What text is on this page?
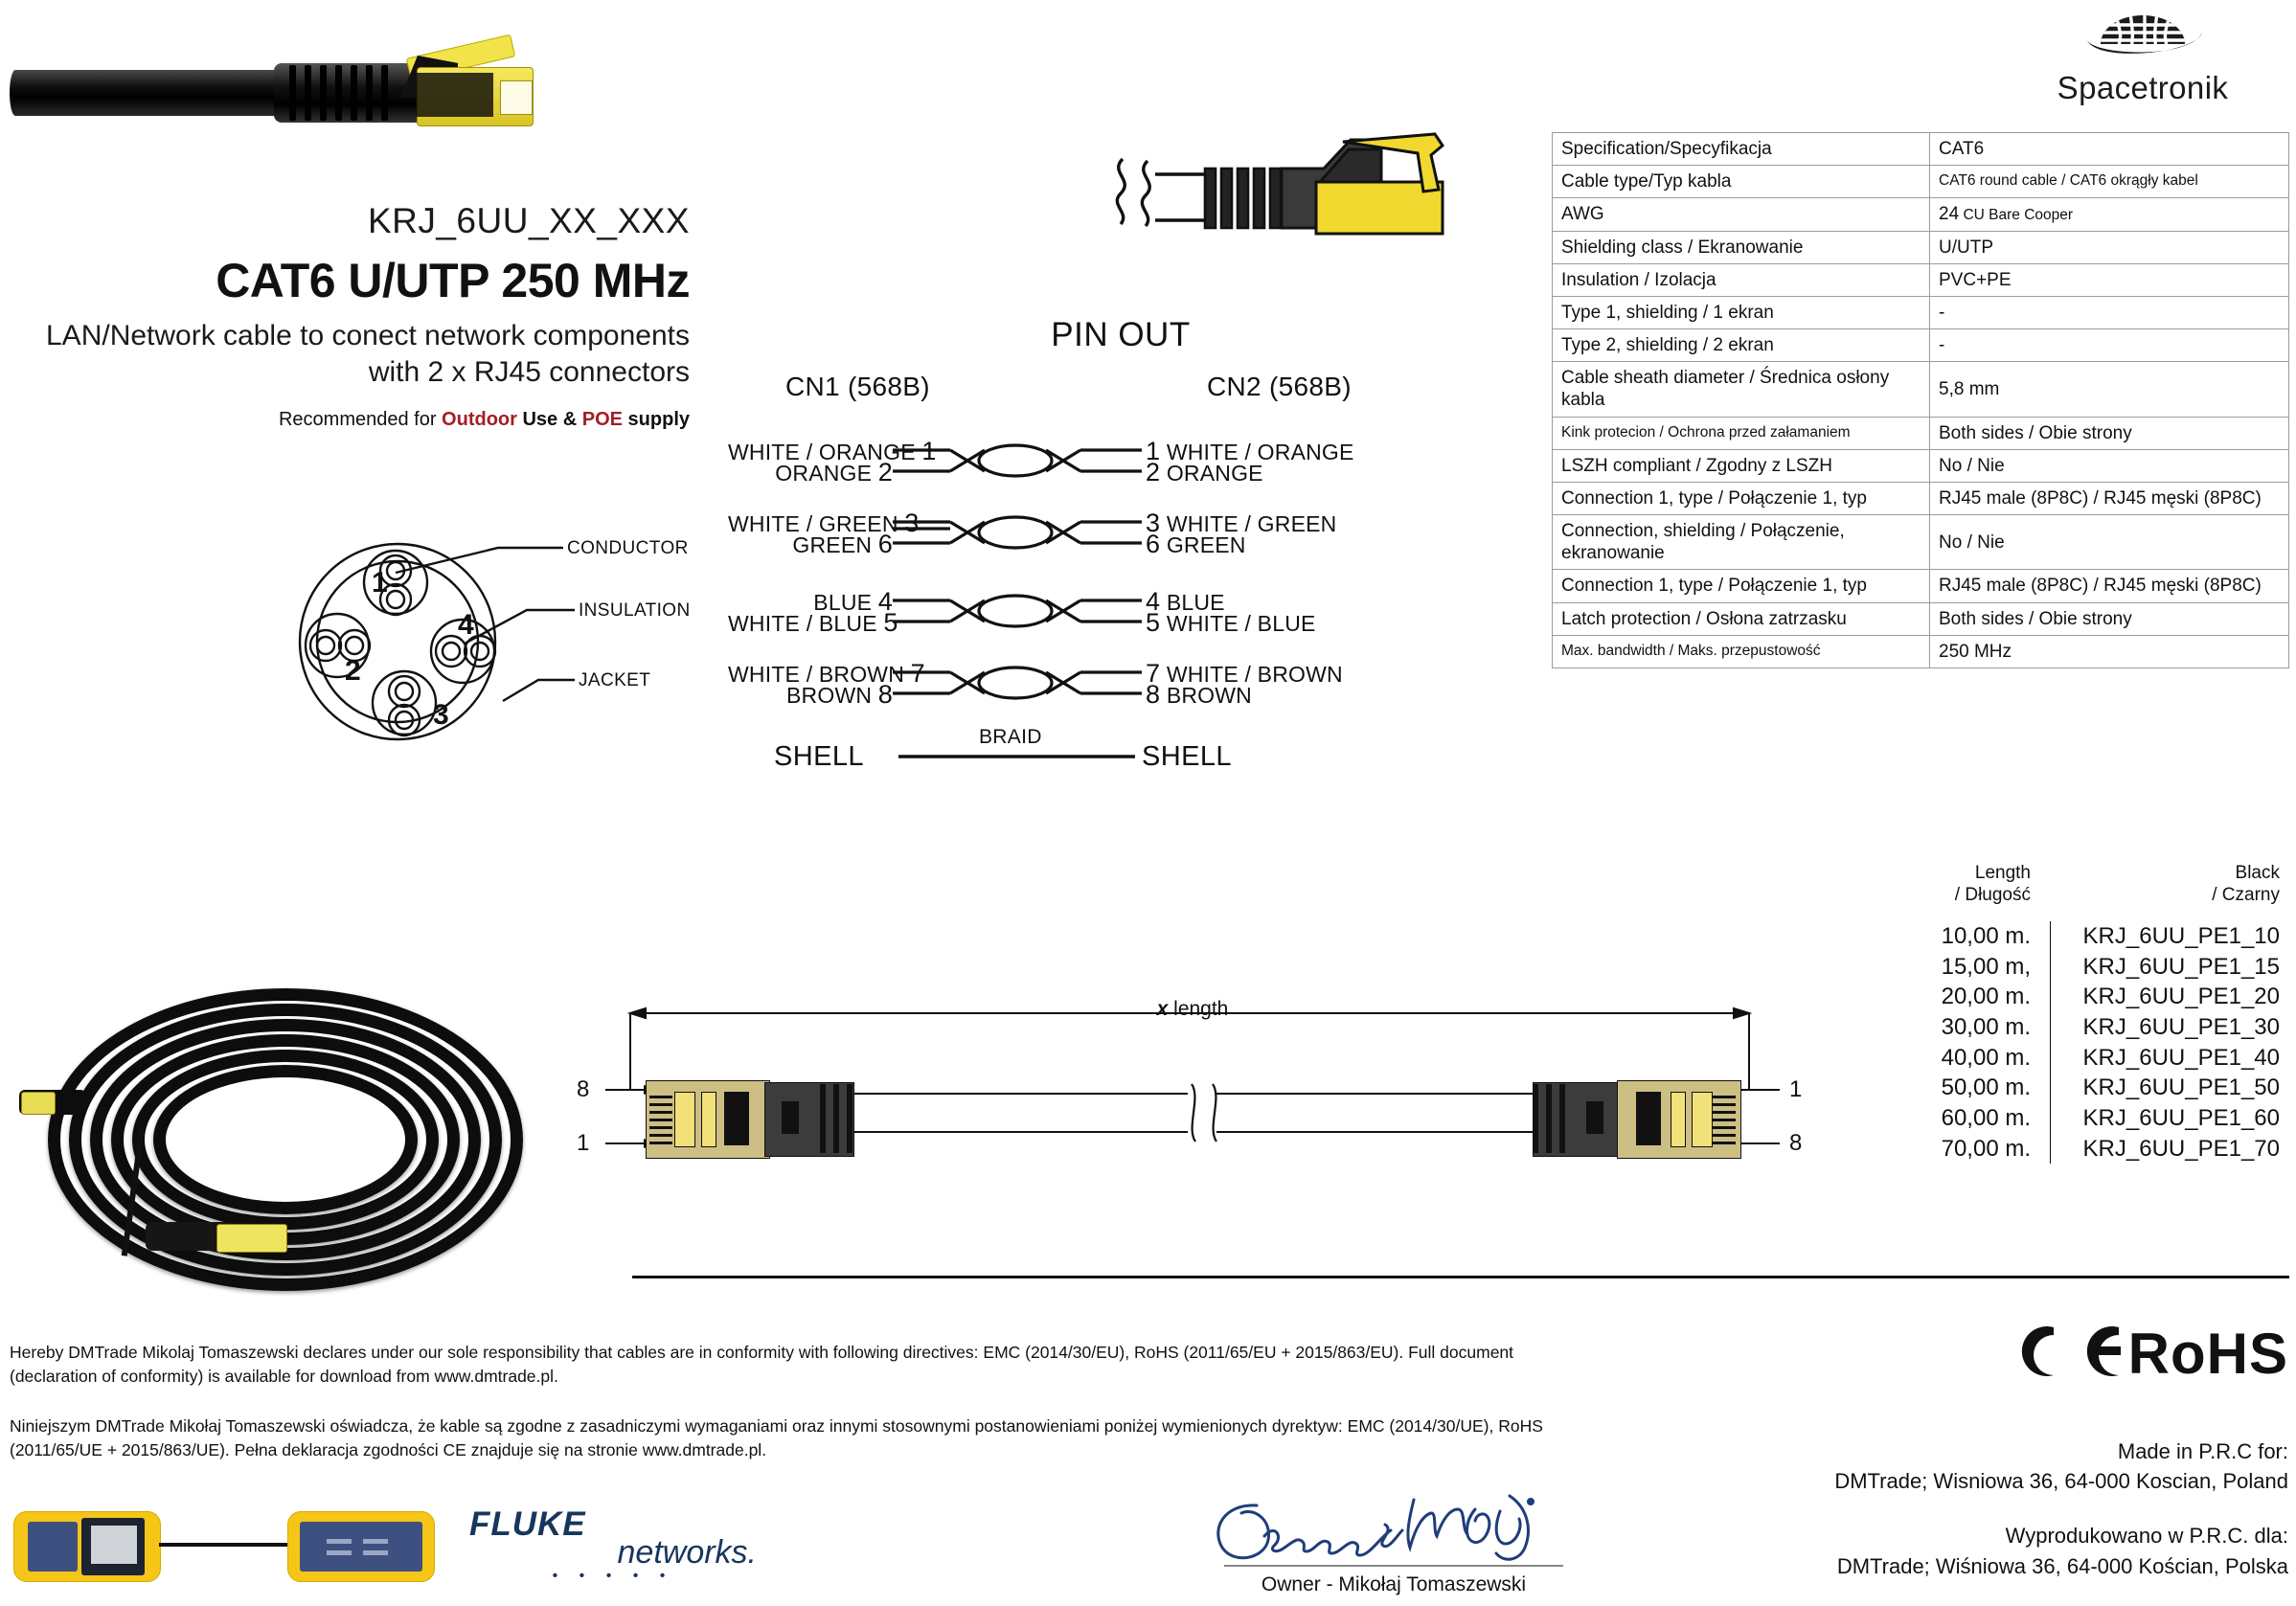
Spacetronik
KRJ_6UU_XX_XXX
CAT6 U/UTP 250 MHz
LAN/Network cable to conect network components with 2 x RJ45 connectors
Recommended for Outdoor Use & POE supply
1
2
3
4
CONDUCTOR
INSULATION
JACKET
PIN OUT
CN1 (568B)	CN2 (568B)
WHITE / ORANGE 1
ORANGE 2
WHITE / GREEN 3
GREEN 6
BLUE 4
WHITE / BLUE 5
WHITE / BROWN 7
BROWN 8
1 WHITE / ORANGE
2 ORANGE
3 WHITE / GREEN
6 GREEN
4 BLUE
5 WHITE / BLUE
7 WHITE / BROWN
8 BROWN
BRAID
SHELL	SHELL
Specification/Specyfikacja	CAT6
Cable type/Typ kabla	CAT6 round cable / CAT6 okrągły kabel
AWG	24 CU Bare Cooper
Shielding class / Ekranowanie	U/UTP
Insulation / Izolacja	PVC+PE
Type 1, shielding / 1 ekran	-
Type 2, shielding / 2 ekran	-
Cable sheath diameter / Średnica osłony kabla	5,8 mm
Kink protecion / Ochrona przed załamaniem	Both sides / Obie strony
LSZH compliant / Zgodny z LSZH	No / Nie
Connection 1, type / Połączenie 1, typ	RJ45 male (8P8C) / RJ45 męski (8P8C)
Connection, shielding / Połączenie, ekranowanie	No / Nie
Connection 1, type / Połączenie 1, typ	RJ45 male (8P8C) / RJ45 męski (8P8C)
Latch protection / Osłona zatrzasku	Both sides / Obie strony
Max. bandwidth / Maks. przepustowość	250 MHz
x length
8
1
1
8
Length
/ Długość
Black
/ Czarny
10,00 m.	KRJ_6UU_PE1_10
15,00 m,	KRJ_6UU_PE1_15
20,00 m.	KRJ_6UU_PE1_20
30,00 m.	KRJ_6UU_PE1_30
40,00 m.	KRJ_6UU_PE1_40
50,00 m.	KRJ_6UU_PE1_50
60,00 m.	KRJ_6UU_PE1_60
70,00 m.	KRJ_6UU_PE1_70

Hereby DMTrade Mikolaj Tomaszewski declares under our sole responsibility that cables are in conformity with following directives: EMC (2014/30/EU), RoHS (2011/65/EU + 2015/863/EU). Full document (declaration of conformity) is available for download from www.dmtrade.pl.

Niniejszym DMTrade Mikołaj Tomaszewski oświadcza, że kable są zgodne z zasadniczymi wymaganiami oraz innymi stosownymi postanowieniami poniżej wymienionych dyrektyw: EMC (2014/30/UE), RoHS (2011/65/UE + 2015/863/UE). Pełna deklaracja zgodności CE znajduje się na stronie www.dmtrade.pl.

FLUKE
networks.
• • • • •	Owner - Mikołaj Tomaszewski
RoHS

Made in P.R.C for:
DMTrade; Wisniowa 36, 64-000 Koscian, Poland

Wyprodukowano w P.R.C. dla:
DMTrade; Wiśniowa 36, 64-000 Kościan, Polska
